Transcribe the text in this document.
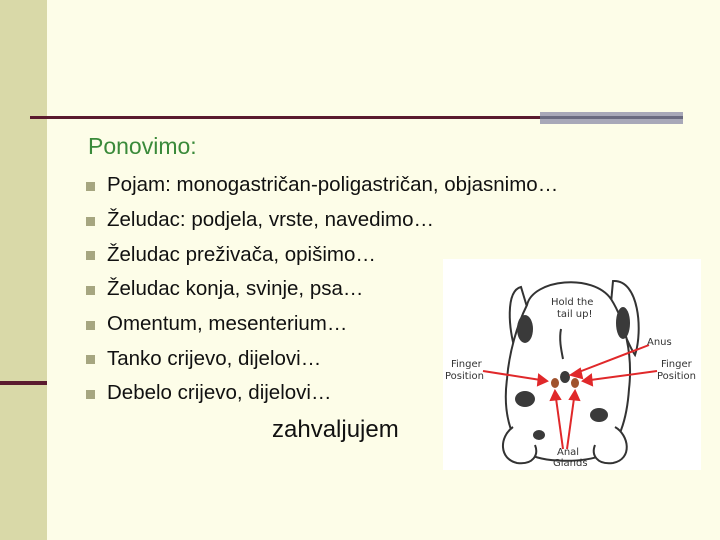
Ponovimo:
Pojam: monogastričan-poligastričan, objasnimo…
Želudac: podjela, vrste, navedimo…
Želudac preživača, opišimo…
Želudac konja, svinje, psa…
Omentum, mesenterium…
Tanko crijevo, dijelovi…
Debelo crijevo, dijelovi…
zahvaljujem
Hold the
tail up!
Anus
Finger
Position
Finger
Position
Anal
Glands
